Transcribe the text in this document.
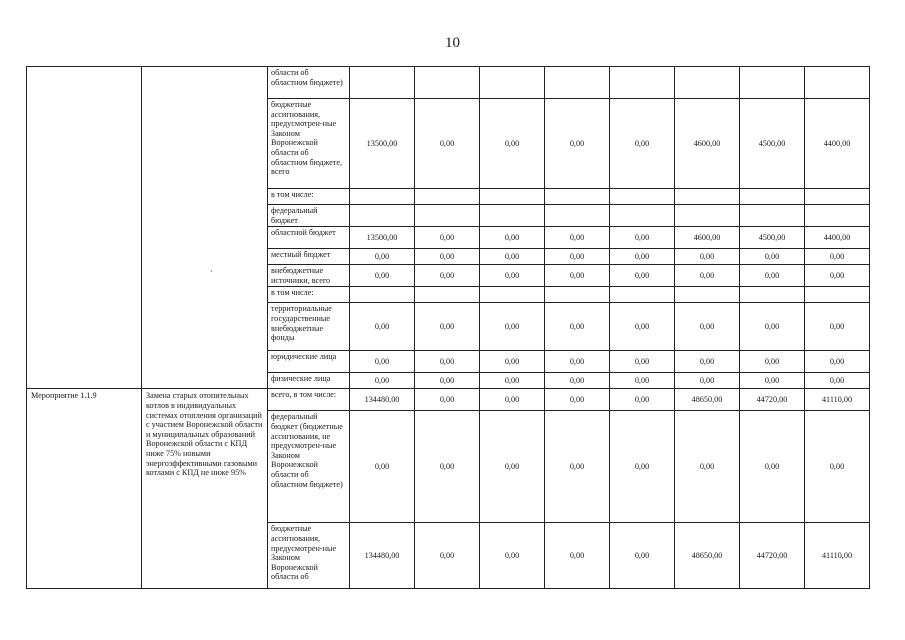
10
	`	области об областном бюджете)								
		бюджетные ассигнования, предусмотрен-ные Законом Воронежской области об областном бюджете, всего	13500,00	0,00	0,00	0,00	0,00	4600,00	4500,00	4400,00
		в том числе:								
		федеральный бюджет								
		областной бюджет	13500,00	0,00	0,00	0,00	0,00	4600,00	4500,00	4400,00
		местный бюджет	0,00	0,00	0,00	0,00	0,00	0,00	0,00	0,00
		внебюджетные источники, всего	0,00	0,00	0,00	0,00	0,00	0,00	0,00	0,00
		в том числе:								
		территориальные государственные внебюджетные фонды	0,00	0,00	0,00	0,00	0,00	0,00	0,00	0,00
		юридические лица	0,00	0,00	0,00	0,00	0,00	0,00	0,00	0,00
		физические лица	0,00	0,00	0,00	0,00	0,00	0,00	0,00	0,00
Мероприятие 1.1.9	Замена старых отопительных котлов в индивидуальных системах отопления организаций с участием Воронежской области и муниципальных образований Воронежской области с КПД ниже 75% новыми энергоэффективными газовыми котлами с КПД не ниже 95%	всего, в том числе:	134480,00	0,00	0,00	0,00	0,00	48650,00	44720,00	41110,00
		федеральный бюджет (бюджетные ассигнования, не предусмотрен-ные Законом Воронежской области об областном бюджете)	0,00	0,00	0,00	0,00	0,00	0,00	0,00	0,00
		бюджетные ассигнования, предусмотрен-ные Законом Воронежской области об	134480,00	0,00	0,00	0,00	0,00	48650,00	44720,00	41110,00
